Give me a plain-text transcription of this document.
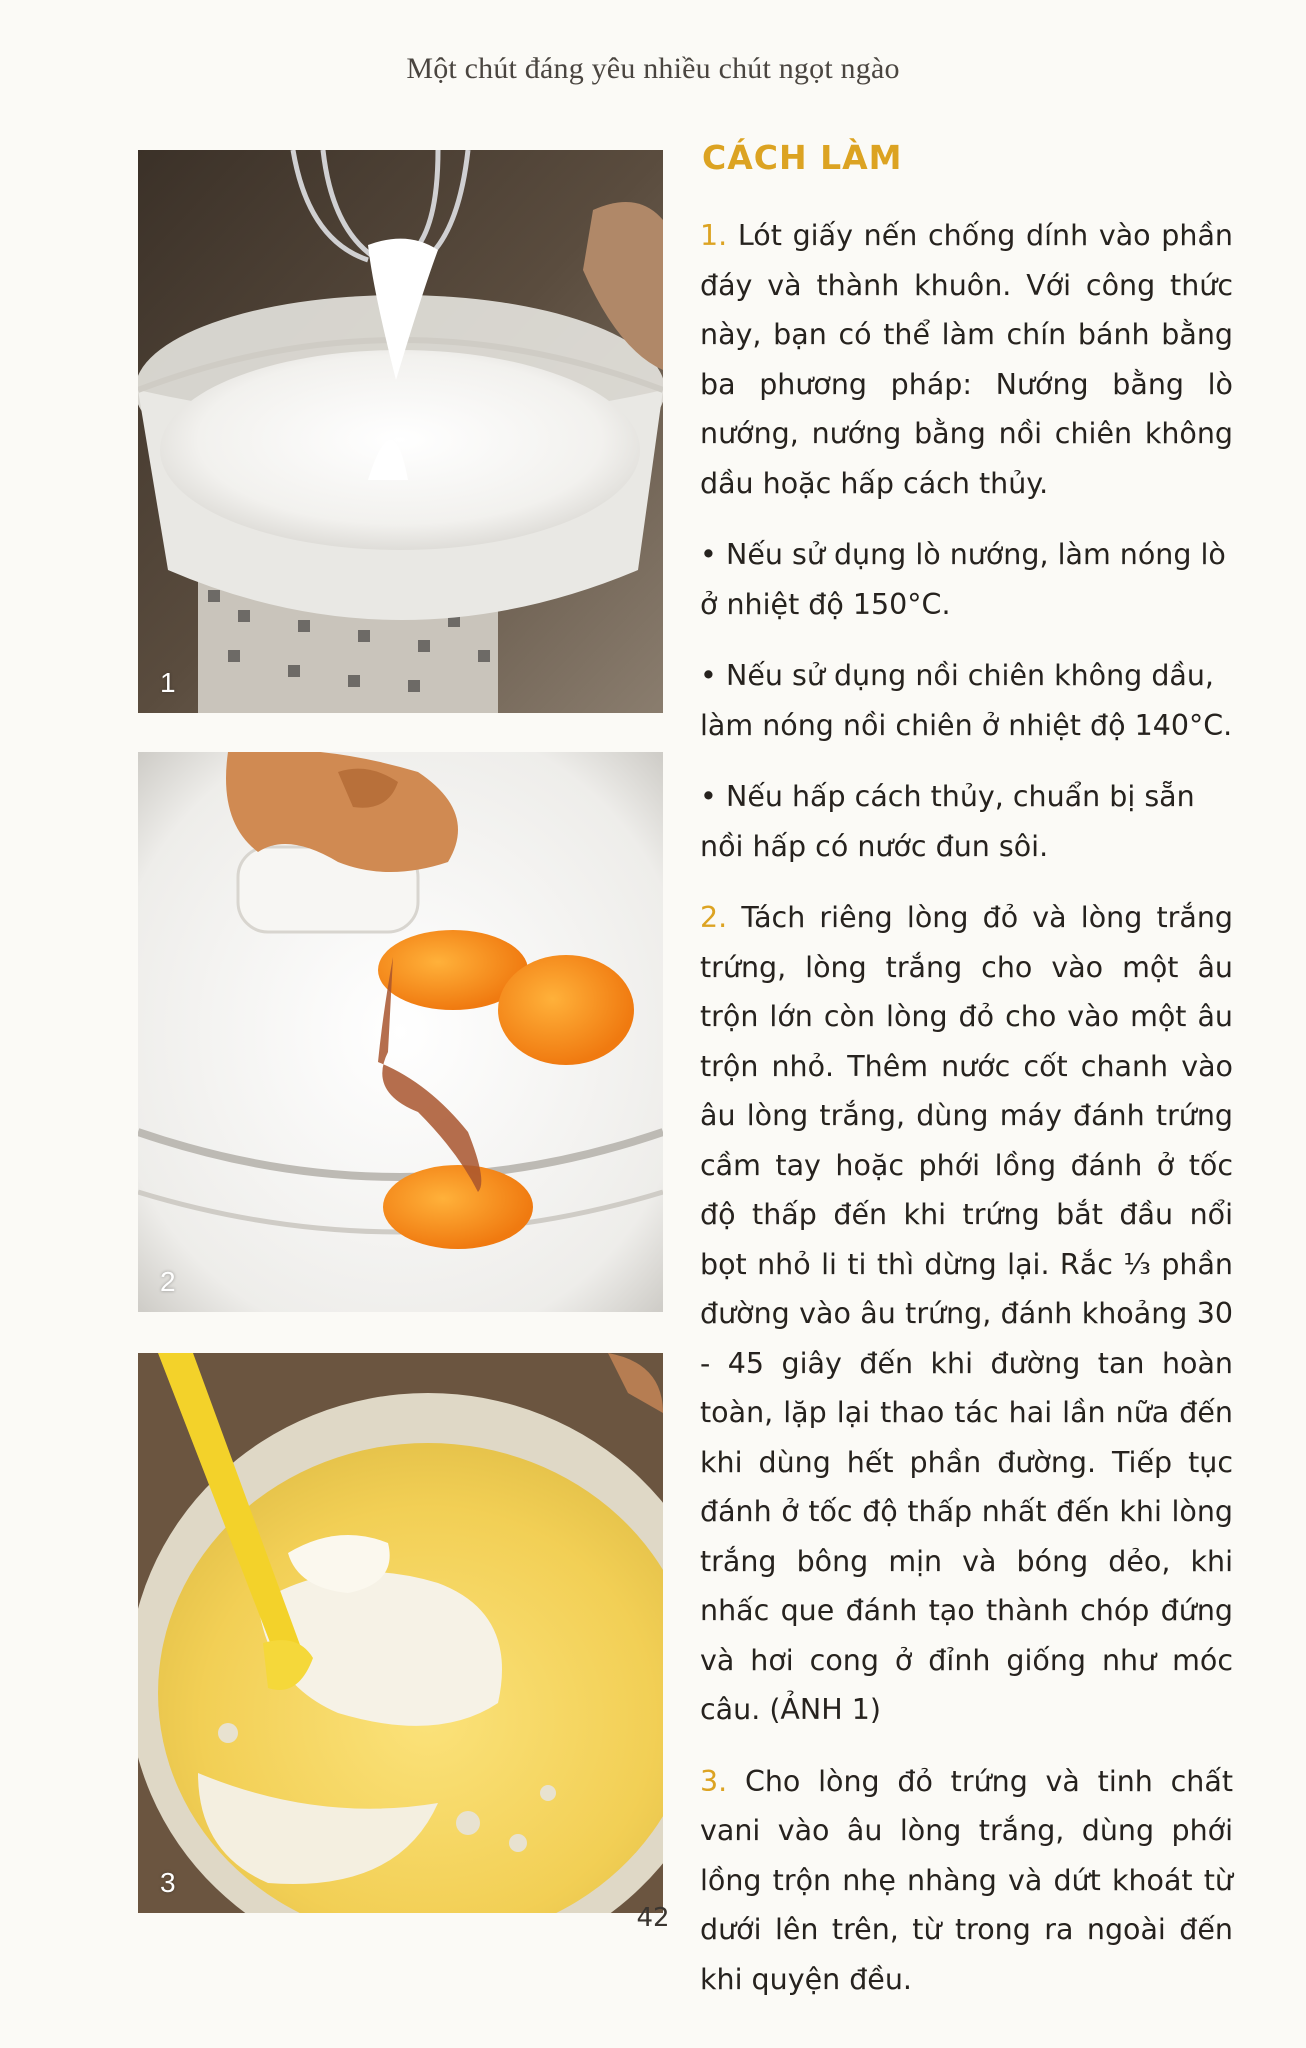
Một chút đáng yêu nhiều chút ngọt ngào
1
2
3
CÁCH LÀM

1. Lót giấy nến chống dính vào phần đáy và thành khuôn. Với công thức này, bạn có thể làm chín bánh bằng ba phương pháp: Nướng bằng lò nướng, nướng bằng nồi chiên không dầu hoặc hấp cách thủy.

• Nếu sử dụng lò nướng, làm nóng lò ở nhiệt độ 150°C.
• Nếu sử dụng nồi chiên không dầu, làm nóng nồi chiên ở nhiệt độ 140°C.
• Nếu hấp cách thủy, chuẩn bị sẵn nồi hấp có nước đun sôi.

2. Tách riêng lòng đỏ và lòng trắng trứng, lòng trắng cho vào một âu trộn lớn còn lòng đỏ cho vào một âu trộn nhỏ. Thêm nước cốt chanh vào âu lòng trắng, dùng máy đánh trứng cầm tay hoặc phới lồng đánh ở tốc độ thấp đến khi trứng bắt đầu nổi bọt nhỏ li ti thì dừng lại. Rắc ⅓ phần đường vào âu trứng, đánh khoảng 30 - 45 giây đến khi đường tan hoàn toàn, lặp lại thao tác hai lần nữa đến khi dùng hết phần đường. Tiếp tục đánh ở tốc độ thấp nhất đến khi lòng trắng bông mịn và bóng dẻo, khi nhấc que đánh tạo thành chóp đứng và hơi cong ở đỉnh giống như móc câu. (ẢNH 1)

3. Cho lòng đỏ trứng và tinh chất vani vào âu lòng trắng, dùng phới lồng trộn nhẹ nhàng và dứt khoát từ dưới lên trên, từ trong ra ngoài đến khi quyện đều.

42
